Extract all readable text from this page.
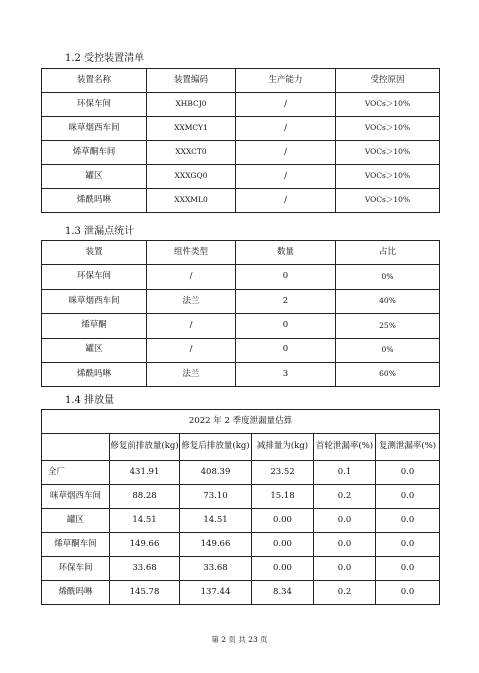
1.2 受控装置清单
装置名称	装置编码	生产能力	受控原因
环保车间	XHBCJ0	/	VOCs＞10%
咪草烟西车间	XXMCY1	/	VOCs＞10%
烯草酮车间	XXXCT0	/	VOCs＞10%
罐区	XXXGQ0	/	VOCs＞10%
烯酰吗啉	XXXML0	/	VOCs＞10%
1.3 泄漏点统计
装置	组件类型	数量	占比
环保车间	/	0	0%
咪草烟西车间	法兰	2	40%
烯草酮	/	0	25%
罐区	/	0	0%
烯酰吗啉	法兰	3	60%
1.4 排放量
2022 年 2 季度泄漏量估算					
	修复前排放量(kg)	修复后排放量(kg)	减排量为(kg)	首轮泄漏率(%)	复测泄漏率(%)
全厂	431.91	408.39	23.52	0.1	0.0
咪草烟西车间	88.28	73.10	15.18	0.2	0.0
罐区	14.51	14.51	0.00	0.0	0.0
烯草酮车间	149.66	149.66	0.00	0.0	0.0
环保车间	33.68	33.68	0.00	0.0	0.0
烯酰吗啉	145.78	137.44	8.34	0.2	0.0
第 2 页 共 23 页
